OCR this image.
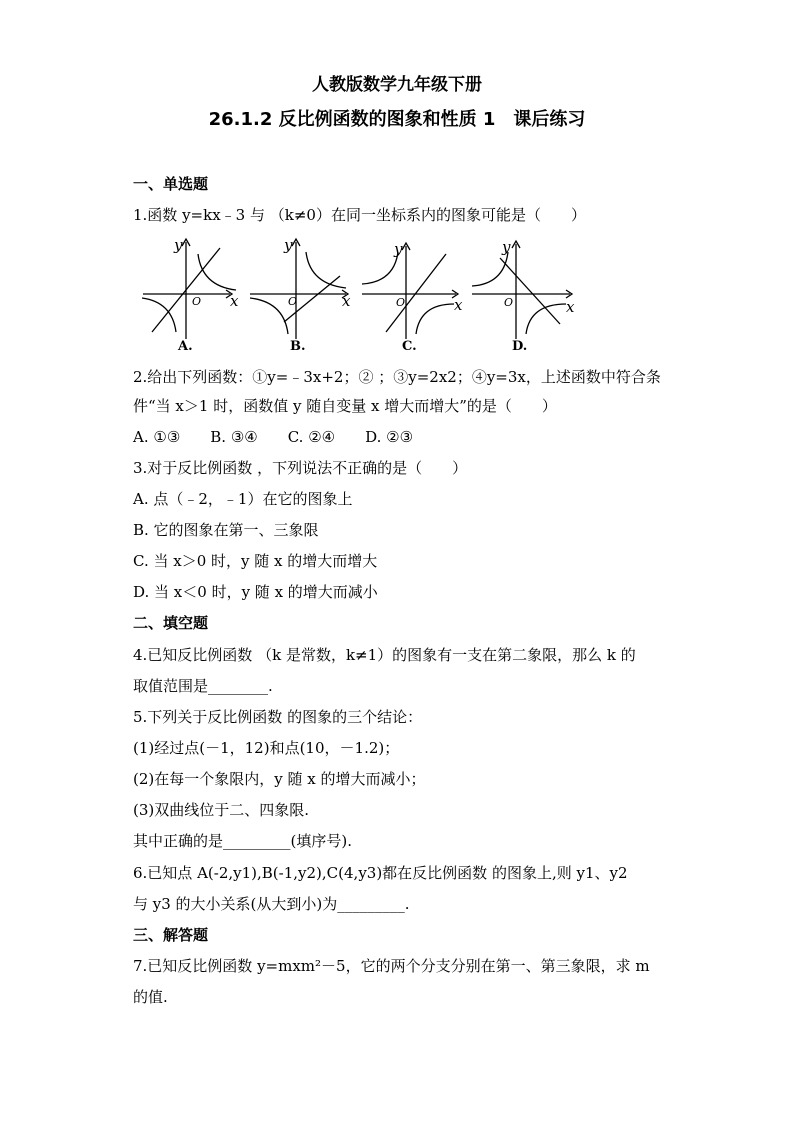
人教版数学九年级下册
26.1.2 反比例函数的图象和性质 1　课后练习
一、单选题
1.函数 y=kx﹣3 与 （k≠0）在同一坐标系内的图象可能是（　　）
y
x
O
y
x
O
y
x
O
y
x
O
A.	B.	C.	D.
2.给出下列函数：①y=﹣3x+2；② ；③y=2x2；④y=3x，上述函数中符合条
件“当 x＞1 时，函数值 y 随自变量 x 增大而增大”的是（　　）
A. ①③　　B. ③④　　C. ②④　　D. ②③
3.对于反比例函数 ，下列说法不正确的是（　　）
A. 点（﹣2，﹣1）在它的图象上
B. 它的图象在第一、三象限
C. 当 x＞0 时，y 随 x 的增大而增大
D. 当 x＜0 时，y 随 x 的增大而减小
二、填空题
4.已知反比例函数 （k 是常数，k≠1）的图象有一支在第二象限，那么 k 的
取值范围是________.
5.下列关于反比例函数 的图象的三个结论：
(1)经过点(－1，12)和点(10，－1.2)；
(2)在每一个象限内，y 随 x 的增大而减小；
(3)双曲线位于二、四象限.
其中正确的是_________(填序号).
6.已知点 A(-2,y1),B(-1,y2),C(4,y3)都在反比例函数 的图象上,则 y1、y2
与 y3 的大小关系(从大到小)为_________.
三、解答题
7.已知反比例函数 y=mxm²－5，它的两个分支分别在第一、第三象限，求 m
的值.
